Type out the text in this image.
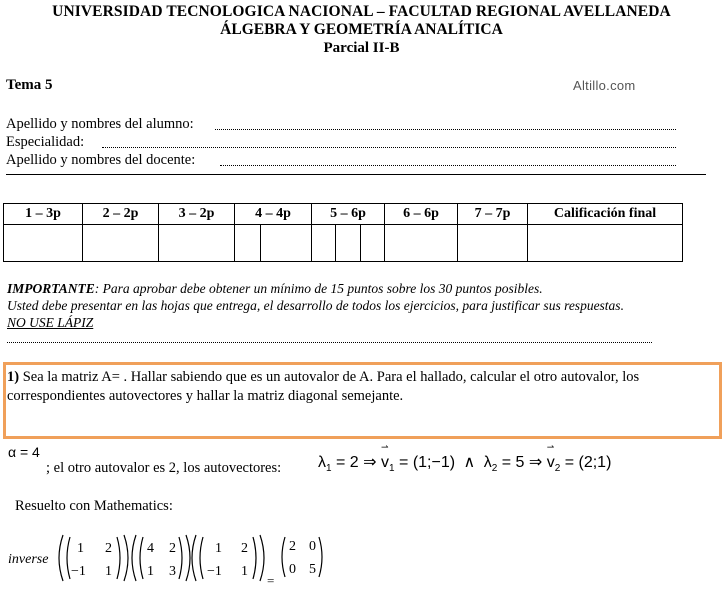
UNIVERSIDAD TECNOLOGICA NACIONAL – FACULTAD REGIONAL AVELLANEDA
ÁLGEBRA Y GEOMETRÍA ANALÍTICA
Parcial II-B
Tema 5	Altillo.com
Apellido y nombres del alumno:
Especialidad:
Apellido y nombres del docente:
1 – 3p	2 – 2p	3 – 2p	4 – 4p	5 – 6p	6 – 6p	7 – 7p	Calificación final

IMPORTANTE: Para aprobar debe obtener un mínimo de 15 puntos sobre los 30 puntos posibles.
Usted debe presentar en las hojas que entrega, el desarrollo de todos los ejercicios, para justificar sus respuestas.
NO USE LÁPIZ
1) Sea la matriz A= . Hallar sabiendo que es un autovalor de A. Para el hallado, calcular el otro autovalor, los correspondientes autovectores y hallar la matriz diagonal semejante.
α = 4
; el otro autovalor es 2, los autovectores: $\lambda_1 = 2$ ⇒ v
⇀
$_1$ = (1;−1) ∧ $\lambda_2 = 5$ ⇒ v
⇀
$_2$ = (2;1)
Resuelto con Mathematics:
inverse
1 2
−1 1
4 2
1 3
1 2
−1 1
=
2 0
0 5
